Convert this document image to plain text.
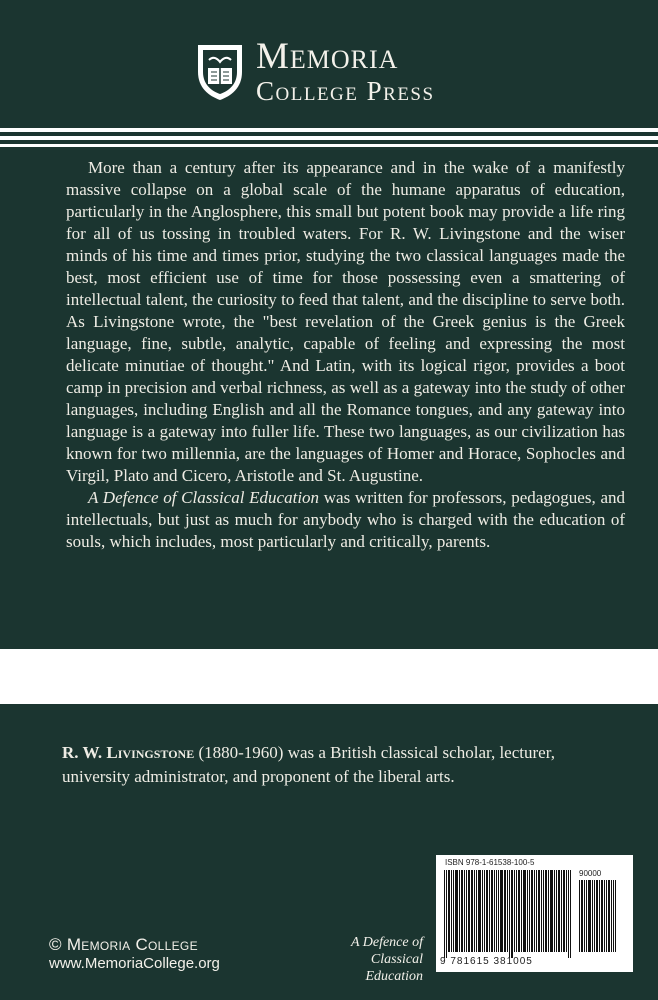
Memoria
College Press

More than a century after its appearance and in the wake of a manifestly massive collapse on a global scale of the humane apparatus of education, particularly in the Anglosphere, this small but potent book may provide a life ring for all of us tossing in troubled waters. For R. W. Livingstone and the wiser minds of his time and times prior, studying the two classical languages made the best, most efficient use of time for those possessing even a smattering of intellectual talent, the curiosity to feed that talent, and the discipline to serve both. As Livingstone wrote, the "best revelation of the Greek genius is the Greek language, fine, subtle, analytic, capable of feeling and expressing the most delicate minutiae of thought." And Latin, with its logical rigor, provides a boot camp in precision and verbal richness, as well as a gateway into the study of other languages, including English and all the Romance tongues, and any gateway into language is a gateway into fuller life. These two languages, as our civilization has known for two millennia, are the languages of Homer and Horace, Sophocles and Virgil, Plato and Cicero, Aristotle and St. Augustine.

A Defence of Classical Education was written for professors, pedagogues, and intellectuals, but just as much for anybody who is charged with the education of souls, which includes, most particularly and critically, parents.

R. W. Livingstone (1880-1960) was a British classical scholar, lecturer, university administrator, and proponent of the liberal arts.

ISBN 978-1-61538-100-5
90000
9 781615 381005
© Memoria College
www.MemoriaCollege.org
A Defence of
Classical Education
